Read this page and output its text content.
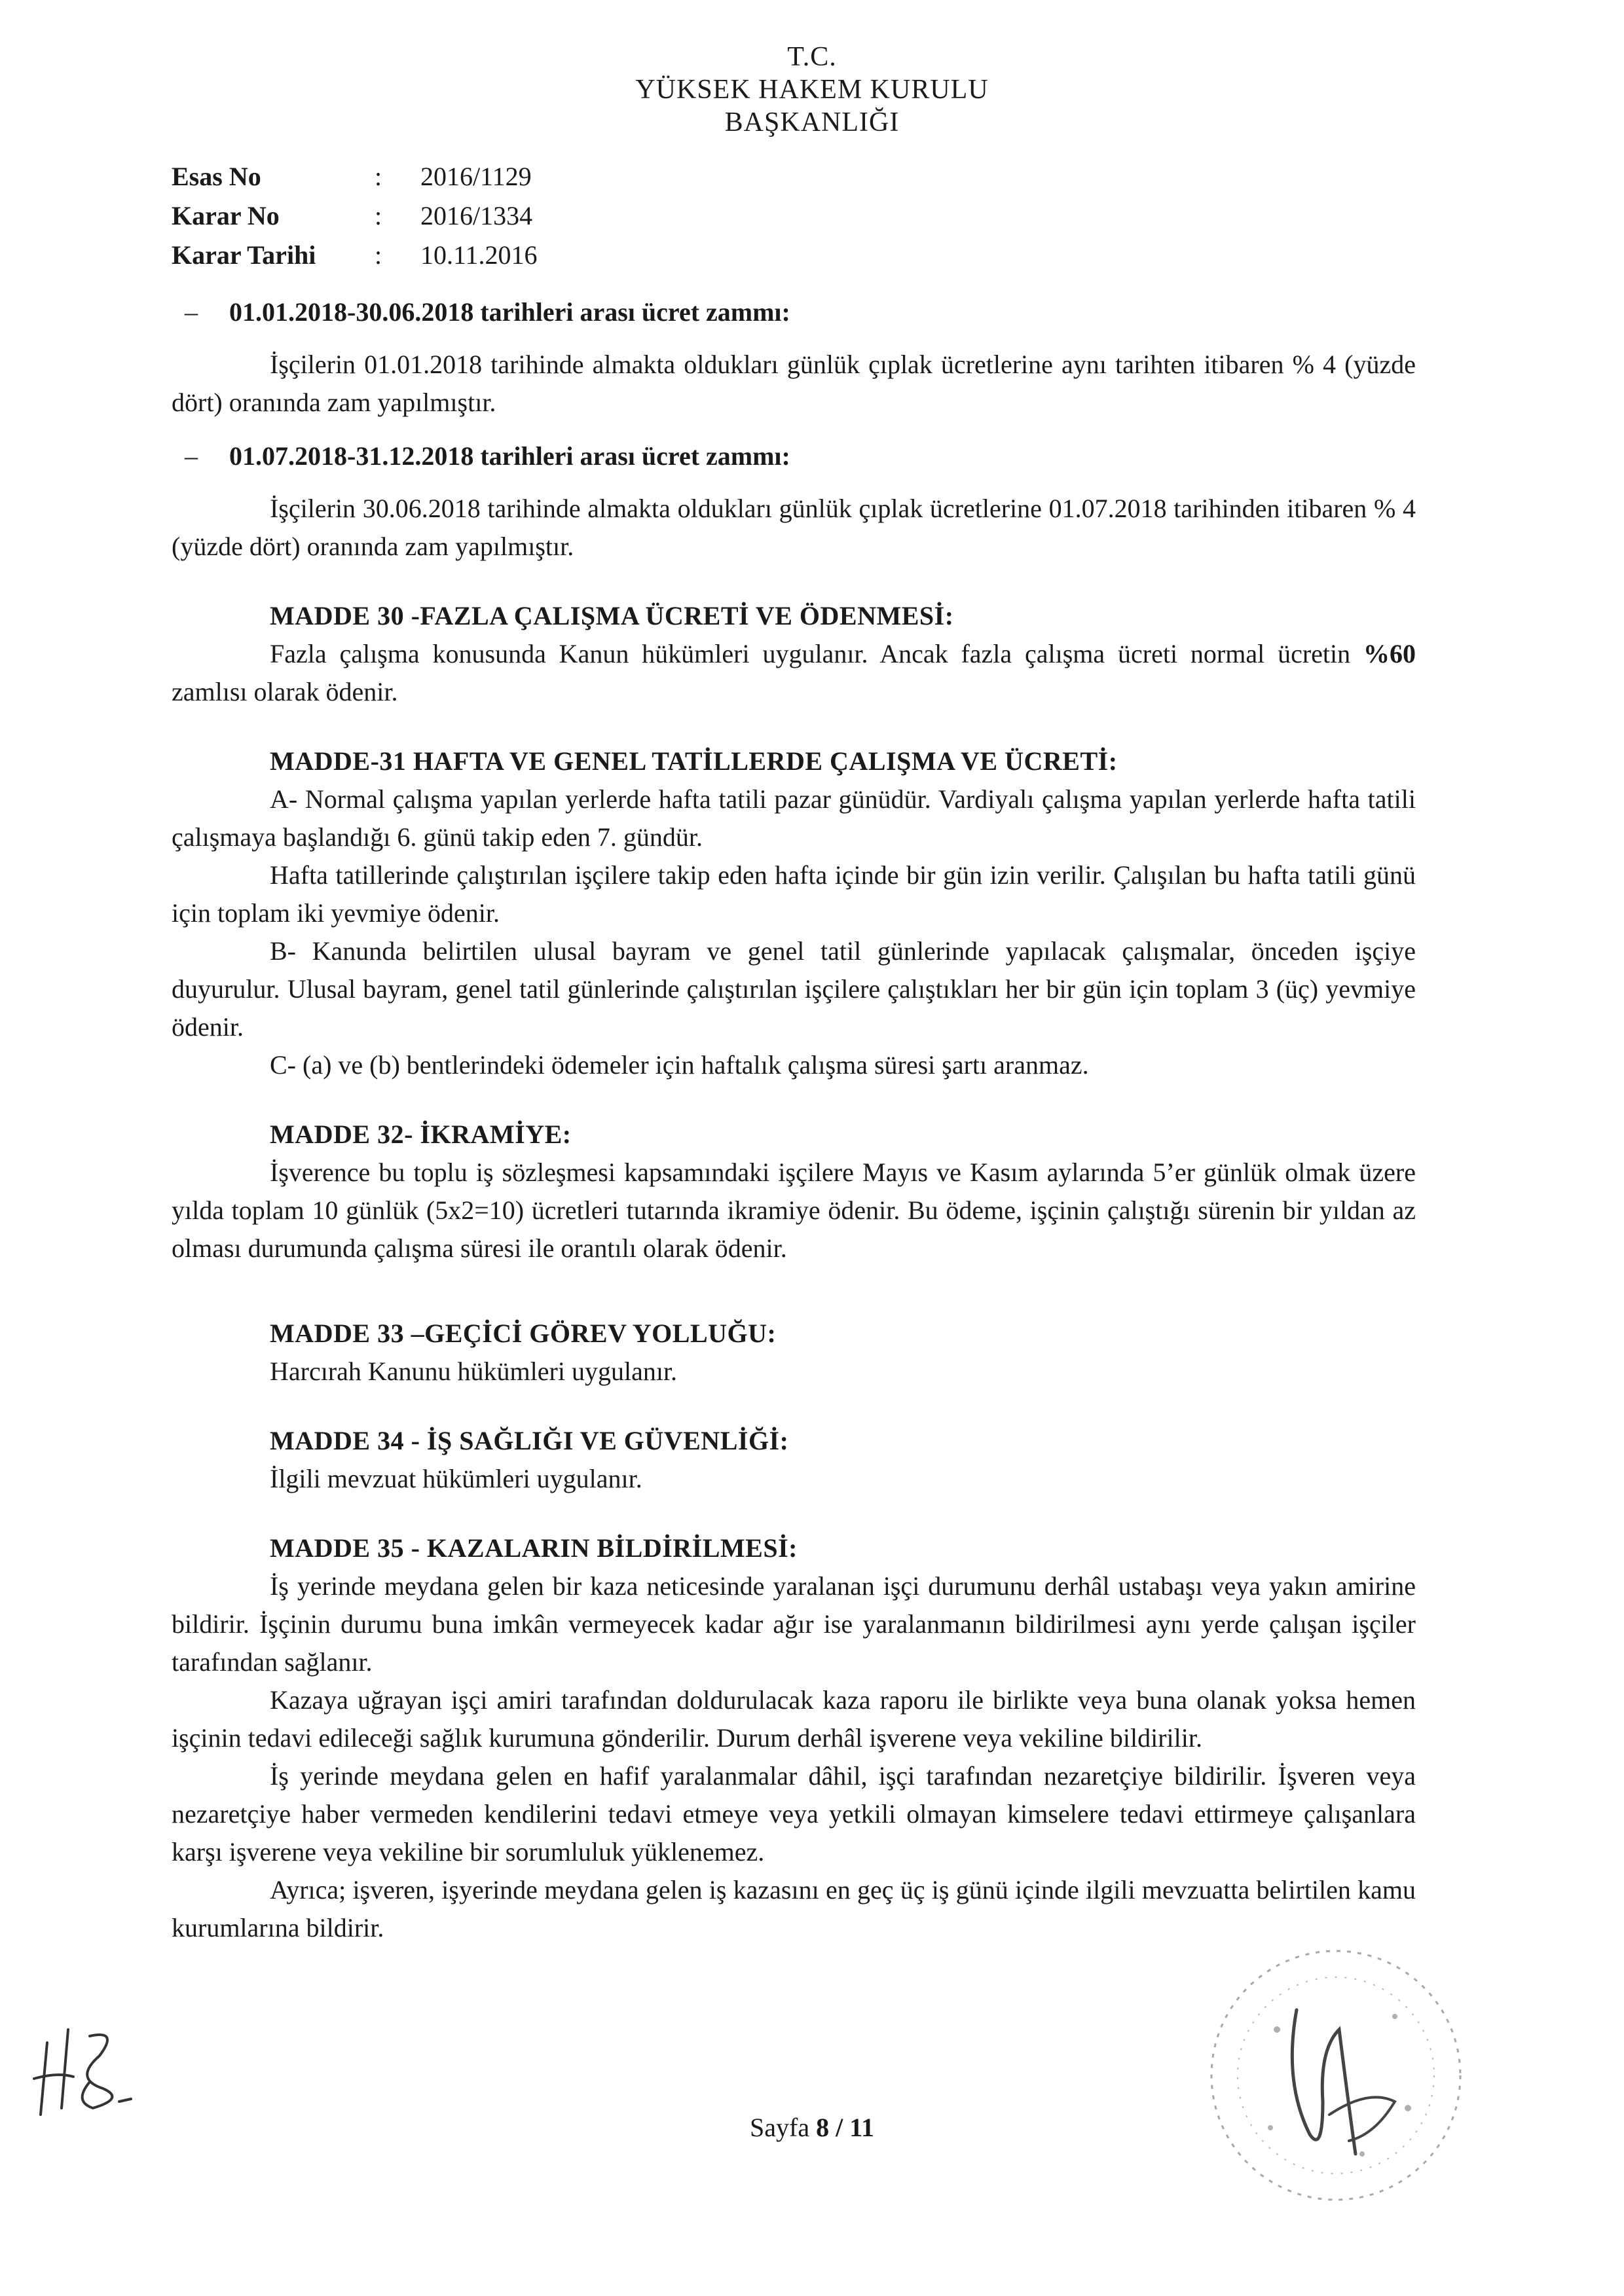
T.C.
YÜKSEK HAKEM KURULU
BAŞKANLIĞI
Esas No	:	2016/1129
Karar No	:	2016/1334
Karar Tarihi	:	10.11.2016

– 01.01.2018-30.06.2018 tarihleri arası ücret zammı:

İşçilerin 01.01.2018 tarihinde almakta oldukları günlük çıplak ücretlerine aynı tarihten itibaren % 4 (yüzde dört) oranında zam yapılmıştır.

– 01.07.2018-31.12.2018 tarihleri arası ücret zammı:

İşçilerin 30.06.2018 tarihinde almakta oldukları günlük çıplak ücretlerine 01.07.2018 tarihinden itibaren % 4 (yüzde dört) oranında zam yapılmıştır.

MADDE 30 -FAZLA ÇALIŞMA ÜCRETİ VE ÖDENMESİ:

Fazla çalışma konusunda Kanun hükümleri uygulanır. Ancak fazla çalışma ücreti normal ücretin %60 zamlısı olarak ödenir.

MADDE-31 HAFTA VE GENEL TATİLLERDE ÇALIŞMA VE ÜCRETİ:

A- Normal çalışma yapılan yerlerde hafta tatili pazar günüdür. Vardiyalı çalışma yapılan yerlerde hafta tatili çalışmaya başlandığı 6. günü takip eden 7. gündür.

Hafta tatillerinde çalıştırılan işçilere takip eden hafta içinde bir gün izin verilir. Çalışılan bu hafta tatili günü için toplam iki yevmiye ödenir.

B- Kanunda belirtilen ulusal bayram ve genel tatil günlerinde yapılacak çalışmalar, önceden işçiye duyurulur. Ulusal bayram, genel tatil günlerinde çalıştırılan işçilere çalıştıkları her bir gün için toplam 3 (üç) yevmiye ödenir.

C- (a) ve (b) bentlerindeki ödemeler için haftalık çalışma süresi şartı aranmaz.

MADDE 32- İKRAMİYE:

İşverence bu toplu iş sözleşmesi kapsamındaki işçilere Mayıs ve Kasım aylarında 5’er günlük olmak üzere yılda toplam 10 günlük (5x2=10) ücretleri tutarında ikramiye ödenir. Bu ödeme, işçinin çalıştığı sürenin bir yıldan az olması durumunda çalışma süresi ile orantılı olarak ödenir.

MADDE 33 –GEÇİCİ GÖREV YOLLUĞU:

Harcırah Kanunu hükümleri uygulanır.

MADDE 34 - İŞ SAĞLIĞI VE GÜVENLİĞİ:

İlgili mevzuat hükümleri uygulanır.

MADDE 35 - KAZALARIN BİLDİRİLMESİ:

İş yerinde meydana gelen bir kaza neticesinde yaralanan işçi durumunu derhâl ustabaşı veya yakın amirine bildirir. İşçinin durumu buna imkân vermeyecek kadar ağır ise yaralanmanın bildirilmesi aynı yerde çalışan işçiler tarafından sağlanır.

Kazaya uğrayan işçi amiri tarafından doldurulacak kaza raporu ile birlikte veya buna olanak yoksa hemen işçinin tedavi edileceği sağlık kurumuna gönderilir. Durum derhâl işverene veya vekiline bildirilir.

İş yerinde meydana gelen en hafif yaralanmalar dâhil, işçi tarafından nezaretçiye bildirilir. İşveren veya nezaretçiye haber vermeden kendilerini tedavi etmeye veya yetkili olmayan kimselere tedavi ettirmeye çalışanlara karşı işverene veya vekiline bir sorumluluk yüklenemez.

Ayrıca; işveren, işyerinde meydana gelen iş kazasını en geç üç iş günü içinde ilgili mevzuatta belirtilen kamu kurumlarına bildirir.

Sayfa 8 / 11
